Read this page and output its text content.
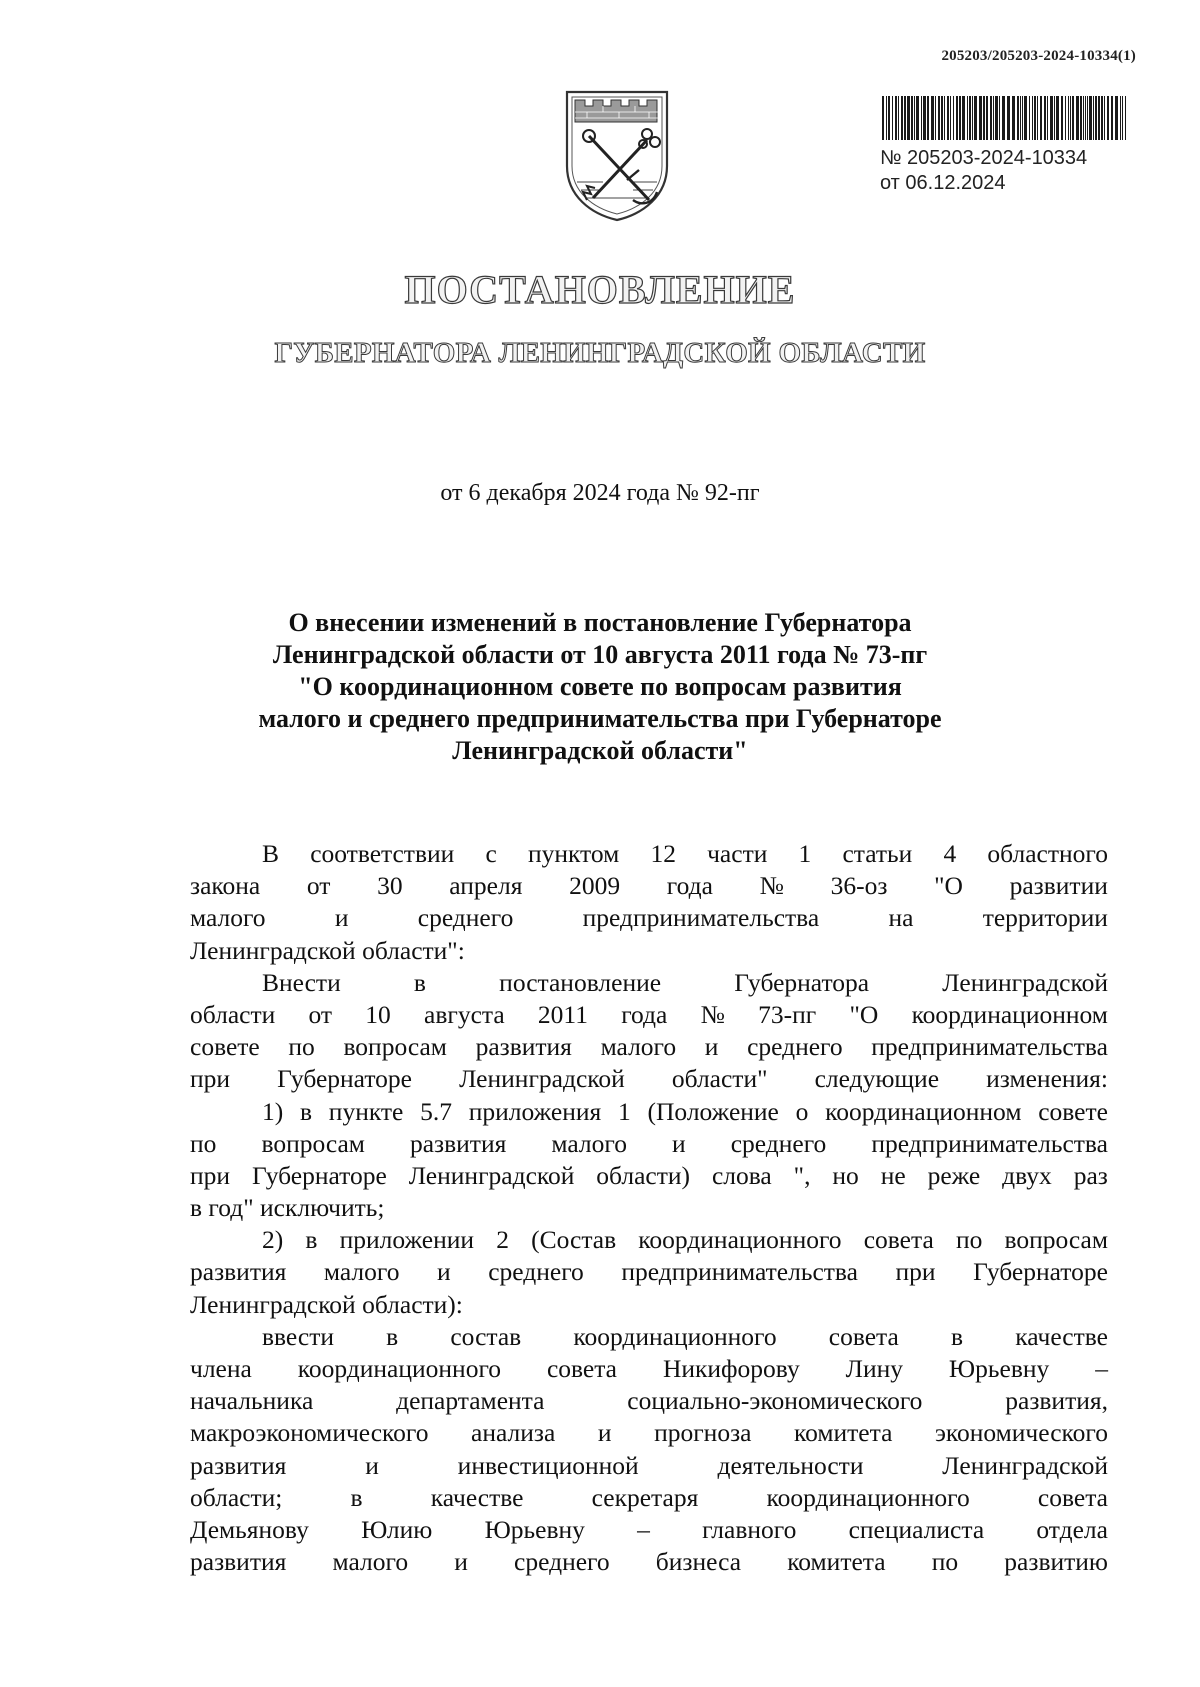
205203/205203-2024-10334(1)
№ 205203-2024-10334
от 06.12.2024
ПОСТАНОВЛЕНИЕ
ГУБЕРНАТОРА ЛЕНИНГРАДСКОЙ ОБЛАСТИ
от 6 декабря 2024 года № 92-пг
О внесении изменений в постановление Губернатора
Ленинградской области от 10 августа 2011 года № 73-пг
"О координационном совете по вопросам развития
малого и среднего предпринимательства при Губернаторе
Ленинградской области"
В соответствии с пунктом 12 части 1 статьи 4 областного
закона от 30 апреля 2009 года № 36-оз "О развитии
малого	и	среднего	предпринимательства	на	территории
Ленинградской области":
Внести	в	постановление	Губернатора	Ленинградской
области от 10 августа 2011 года № 73-пг "О координационном
совете по вопросам развития малого и среднего предпринимательства
при Губернаторе Ленинградской области" следующие изменения:
1) в пункте 5.7 приложения 1 (Положение о координационном совете
по вопросам развития малого и среднего предпринимательства
при Губернаторе Ленинградской области) слова ", но не реже двух раз
в год" исключить;
2) в приложении 2 (Состав координационного совета по вопросам
развития малого и среднего предпринимательства при Губернаторе
Ленинградской области):
ввести в состав координационного совета в качестве
члена координационного совета Никифорову Лину Юрьевну –
начальника	департамента	социально-экономического	развития,
макроэкономического анализа и прогноза комитета экономического
развития	и	инвестиционной	деятельности	Ленинградской
области;	в	качестве	секретаря	координационного	совета
Демьянову Юлию Юрьевну – главного специалиста отдела
развития малого и среднего бизнеса комитета по развитию
